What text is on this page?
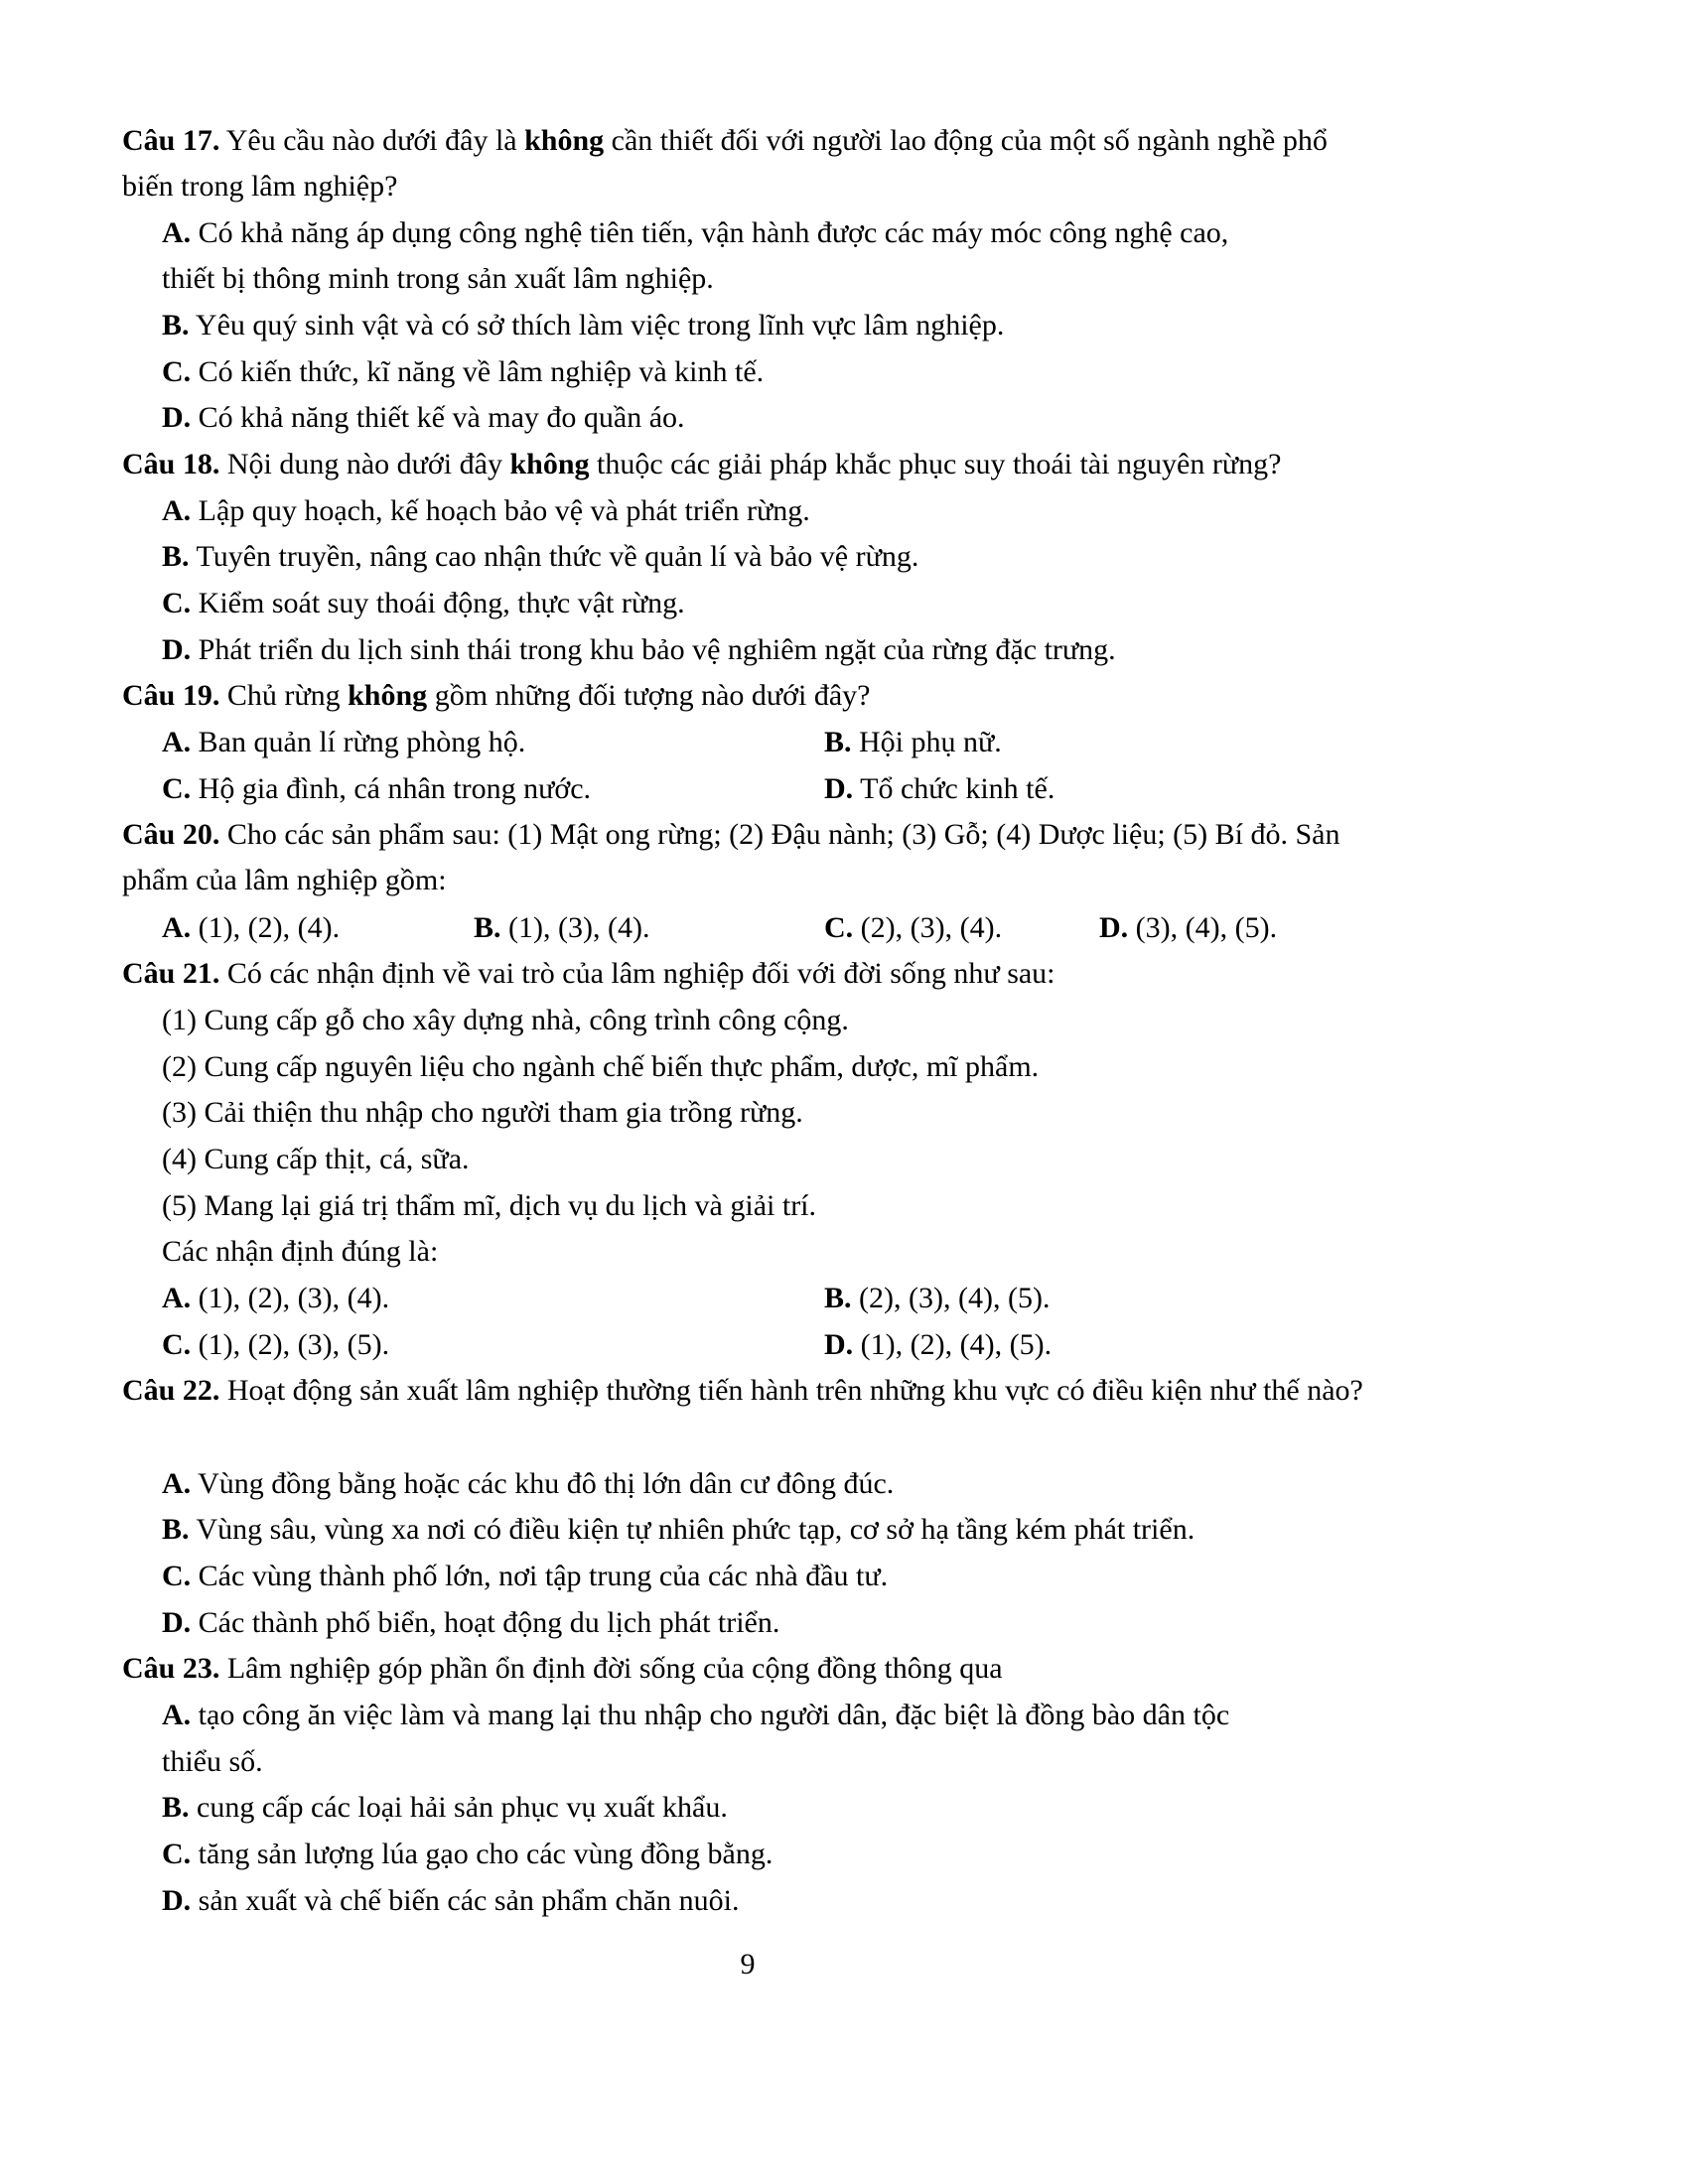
Câu 17. Yêu cầu nào dưới đây là không cần thiết đối với người lao động của một số ngành nghề phổ biến trong lâm nghiệp?

A. Có khả năng áp dụng công nghệ tiên tiến, vận hành được các máy móc công nghệ cao,

thiết bị thông minh trong sản xuất lâm nghiệp.

B. Yêu quý sinh vật và có sở thích làm việc trong lĩnh vực lâm nghiệp.

C. Có kiến thức, kĩ năng về lâm nghiệp và kinh tế.

D. Có khả năng thiết kế và may đo quần áo.

Câu 18. Nội dung nào dưới đây không thuộc các giải pháp khắc phục suy thoái tài nguyên rừng?

A. Lập quy hoạch, kế hoạch bảo vệ và phát triển rừng.

B. Tuyên truyền, nâng cao nhận thức về quản lí và bảo vệ rừng.

C. Kiểm soát suy thoái động, thực vật rừng.

D. Phát triển du lịch sinh thái trong khu bảo vệ nghiêm ngặt của rừng đặc trưng.

Câu 19. Chủ rừng không gồm những đối tượng nào dưới đây?

A. Ban quản lí rừng phòng hộ.	B. Hội phụ nữ.

C. Hộ gia đình, cá nhân trong nước.	D. Tổ chức kinh tế.

Câu 20. Cho các sản phẩm sau: (1) Mật ong rừng; (2) Đậu nành; (3) Gỗ; (4) Dược liệu; (5) Bí đỏ. Sản phẩm của lâm nghiệp gồm:

A. (1), (2), (4).	B. (1), (3), (4).	C. (2), (3), (4).	D. (3), (4), (5).

Câu 21. Có các nhận định về vai trò của lâm nghiệp đối với đời sống như sau:

(1) Cung cấp gỗ cho xây dựng nhà, công trình công cộng.

(2) Cung cấp nguyên liệu cho ngành chế biến thực phẩm, dược, mĩ phẩm.

(3) Cải thiện thu nhập cho người tham gia trồng rừng.

(4) Cung cấp thịt, cá, sữa.

(5) Mang lại giá trị thẩm mĩ, dịch vụ du lịch và giải trí.

Các nhận định đúng là:

A. (1), (2), (3), (4).	B. (2), (3), (4), (5).

C. (1), (2), (3), (5).	D. (1), (2), (4), (5).

Câu 22. Hoạt động sản xuất lâm nghiệp thường tiến hành trên những khu vực có điều kiện như thế nào?

A. Vùng đồng bằng hoặc các khu đô thị lớn dân cư đông đúc.

B. Vùng sâu, vùng xa nơi có điều kiện tự nhiên phức tạp, cơ sở hạ tầng kém phát triển.

C. Các vùng thành phố lớn, nơi tập trung của các nhà đầu tư.

D. Các thành phố biển, hoạt động du lịch phát triển.

Câu 23. Lâm nghiệp góp phần ổn định đời sống của cộng đồng thông qua

A. tạo công ăn việc làm và mang lại thu nhập cho người dân, đặc biệt là đồng bào dân tộc

thiểu số.

B. cung cấp các loại hải sản phục vụ xuất khẩu.

C. tăng sản lượng lúa gạo cho các vùng đồng bằng.

D. sản xuất và chế biến các sản phẩm chăn nuôi.

9
